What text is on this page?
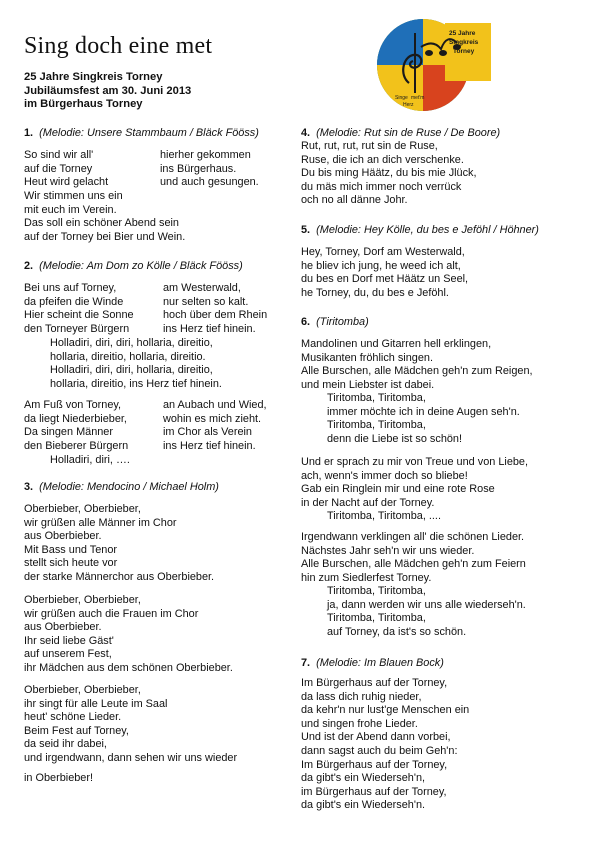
Sing doch eine met
25 Jahre Singkreis Torney
Jubiläumsfest am 30. Juni 2013
im Bürgerhaus Torney
25 Jahre
Singkreis
Torney
Singe met'm
Herz
1. (Melodie: Unsere Stammbaum / Bläck Fööss)
So sind wir all'	hierher gekommen
auf die Torney	ins Bürgerhaus.
Heut wird gelacht	und auch gesungen.
Wir stimmen uns ein
mit euch im Verein.
Das soll ein schöner Abend sein
auf der Torney bei Bier und Wein.
2. (Melodie: Am Dom zo Kölle / Bläck Fööss)
Bei uns auf Torney,	am Westerwald,
da pfeifen die Winde	nur selten so kalt.
Hier scheint die Sonne	hoch über dem Rhein
den Torneyer Bürgern	ins Herz tief hinein.
Holladiri, diri, diri, hollaria, direitio,
hollaria, direitio, hollaria, direitio.
Holladiri, diri, diri, hollaria, direitio,
hollaria, direitio, ins Herz tief hinein.
Am Fuß von Torney,	an Aubach und Wied,
da liegt Niederbieber,	wohin es mich zieht.
Da singen Männer	im Chor als Verein
den Bieberer Bürgern	ins Herz tief hinein.
Holladiri, diri, ….
3. (Melodie: Mendocino / Michael Holm)
Oberbieber, Oberbieber,
wir grüßen alle Männer im Chor
aus Oberbieber.
Mit Bass und Tenor
stellt sich heute vor
der starke Männerchor aus Oberbieber.
Oberbieber, Oberbieber,
wir grüßen auch die Frauen im Chor
aus Oberbieber.
Ihr seid liebe Gäst'
auf unserem Fest,
ihr Mädchen aus dem schönen Oberbieber.
Oberbieber, Oberbieber,
ihr singt für alle Leute im Saal
heut' schöne Lieder.
Beim Fest auf Torney,
da seid ihr dabei,
und irgendwann, dann sehen wir uns wieder
in Oberbieber!
4. (Melodie: Rut sin de Ruse / De Boore)
Rut, rut, rut, rut sin de Ruse,
Ruse, die ich an dich verschenke.
Du bis ming Häätz, du bis mie Jlück,
du mäs mich immer noch verrück
och no all dänne Johr.
5. (Melodie: Hey Kölle, du bes e Jeföhl / Höhner)
Hey, Torney, Dorf am Westerwald,
he bliev ich jung, he weed ich alt,
du bes en Dorf met Häätz un Seel,
he Torney, du, du bes e Jeföhl.
6. (Tiritomba)
Mandolinen und Gitarren hell erklingen,
Musikanten fröhlich singen.
Alle Burschen, alle Mädchen geh'n zum Reigen,
und mein Liebster ist dabei.
Tiritomba, Tiritomba,
immer möchte ich in deine Augen seh'n.
Tiritomba, Tiritomba,
denn die Liebe ist so schön!
Und er sprach zu mir von Treue und von Liebe,
ach, wenn's immer doch so bliebe!
Gab ein Ringlein mir und eine rote Rose
in der Nacht auf der Torney.
Tiritomba, Tiritomba, ....
Irgendwann verklingen all' die schönen Lieder.
Nächstes Jahr seh'n wir uns wieder.
Alle Burschen, alle Mädchen geh'n zum Feiern
hin zum Siedlerfest Torney.
Tiritomba, Tiritomba,
ja, dann werden wir uns alle wiederseh'n.
Tiritomba, Tiritomba,
auf Torney, da ist's so schön.
7. (Melodie: Im Blauen Bock)
Im Bürgerhaus auf der Torney,
da lass dich ruhig nieder,
da kehr'n nur lust'ge Menschen ein
und singen frohe Lieder.
Und ist der Abend dann vorbei,
dann sagst auch du beim Geh'n:
Im Bürgerhaus auf der Torney,
da gibt's ein Wiederseh'n,
im Bürgerhaus auf der Torney,
da gibt's ein Wiederseh'n.
